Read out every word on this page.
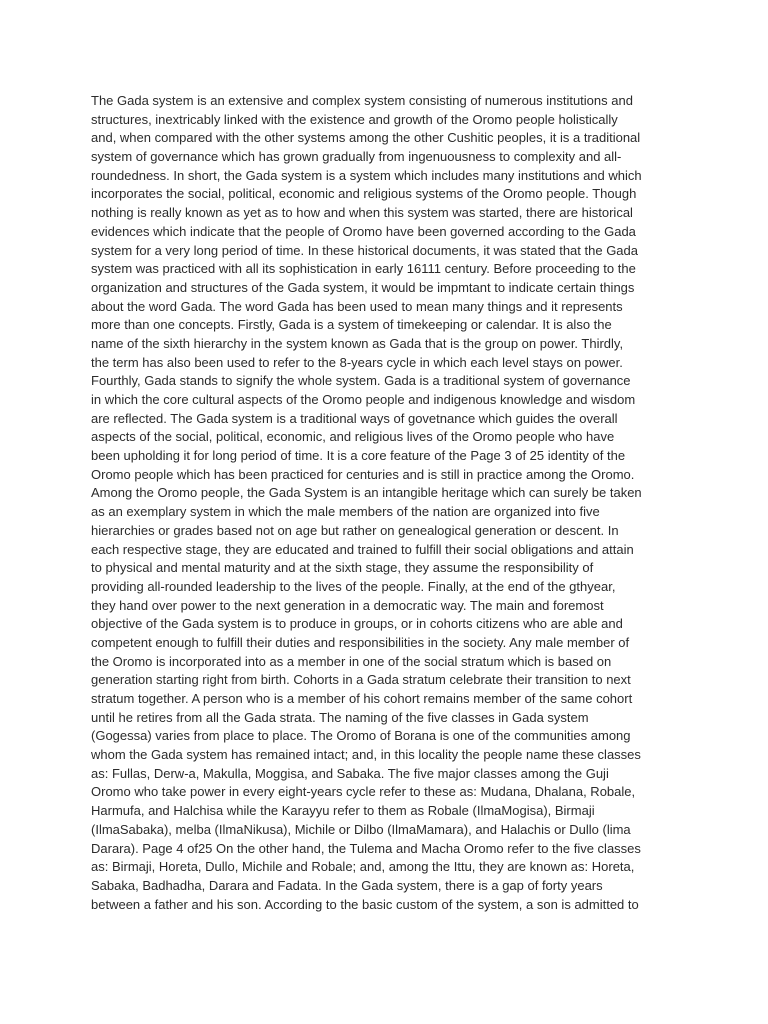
The Gada system is an extensive and complex system consisting of numerous institutions and
structures, inextricably linked with the existence and growth of the Oromo people holistically
and, when compared with the other systems among the other Cushitic peoples, it is a traditional
system of governance which has grown gradually from ingenuousness to complexity and all-
roundedness. In short, the Gada system is a system which includes many institutions and which
incorporates the social, political, economic and religious systems of the Oromo people. Though
nothing is really known as yet as to how and when this system was started, there are historical
evidences which indicate that the people of Oromo have been governed according to the Gada
system for a very long period of time. In these historical documents, it was stated that the Gada
system was practiced with all its sophistication in early 16111 century. Before proceeding to the
organization and structures of the Gada system, it would be impmtant to indicate certain things
about the word Gada. The word Gada has been used to mean many things and it represents
more than one concepts. Firstly, Gada is a system of timekeeping or calendar. It is also the
name of the sixth hierarchy in the system known as Gada that is the group on power. Thirdly,
the term has also been used to refer to the 8-years cycle in which each level stays on power.
Fourthly, Gada stands to signify the whole system. Gada is a traditional system of governance
in which the core cultural aspects of the Oromo people and indigenous knowledge and wisdom
are reflected. The Gada system is a traditional ways of govetnance which guides the overall
aspects of the social, political, economic, and religious lives of the Oromo people who have
been upholding it for long period of time. It is a core feature of the Page 3 of 25 identity of the
Oromo people which has been practiced for centuries and is still in practice among the Oromo.
Among the Oromo people, the Gada System is an intangible heritage which can surely be taken
as an exemplary system in which the male members of the nation are organized into five
hierarchies or grades based not on age but rather on genealogical generation or descent. In
each respective stage, they are educated and trained to fulfill their social obligations and attain
to physical and mental maturity and at the sixth stage, they assume the responsibility of
providing all-rounded leadership to the lives of the people. Finally, at the end of the gthyear,
they hand over power to the next generation in a democratic way. The main and foremost
objective of the Gada system is to produce in groups, or in cohorts citizens who are able and
competent enough to fulfill their duties and responsibilities in the society. Any male member of
the Oromo is incorporated into as a member in one of the social stratum which is based on
generation starting right from birth. Cohorts in a Gada stratum celebrate their transition to next
stratum together. A person who is a member of his cohort remains member of the same cohort
until he retires from all the Gada strata. The naming of the five classes in Gada system
(Gogessa) varies from place to place. The Oromo of Borana is one of the communities among
whom the Gada system has remained intact; and, in this locality the people name these classes
as: Fullas, Derw-a, Makulla, Moggisa, and Sabaka. The five major classes among the Guji
Oromo who take power in every eight-years cycle refer to these as: Mudana, Dhalana, Robale,
Harmufa, and Halchisa while the Karayyu refer to them as Robale (IlmaMogisa), Birmaji
(IlmaSabaka), melba (IlmaNikusa), Michile or Dilbo (IlmaMamara), and Halachis or Dullo (lima
Darara). Page 4 of25 On the other hand, the Tulema and Macha Oromo refer to the five classes
as: Birmaji, Horeta, Dullo, Michile and Robale; and, among the Ittu, they are known as: Horeta,
Sabaka, Badhadha, Darara and Fadata. In the Gada system, there is a gap of forty years
between a father and his son. According to the basic custom of the system, a son is admitted to
